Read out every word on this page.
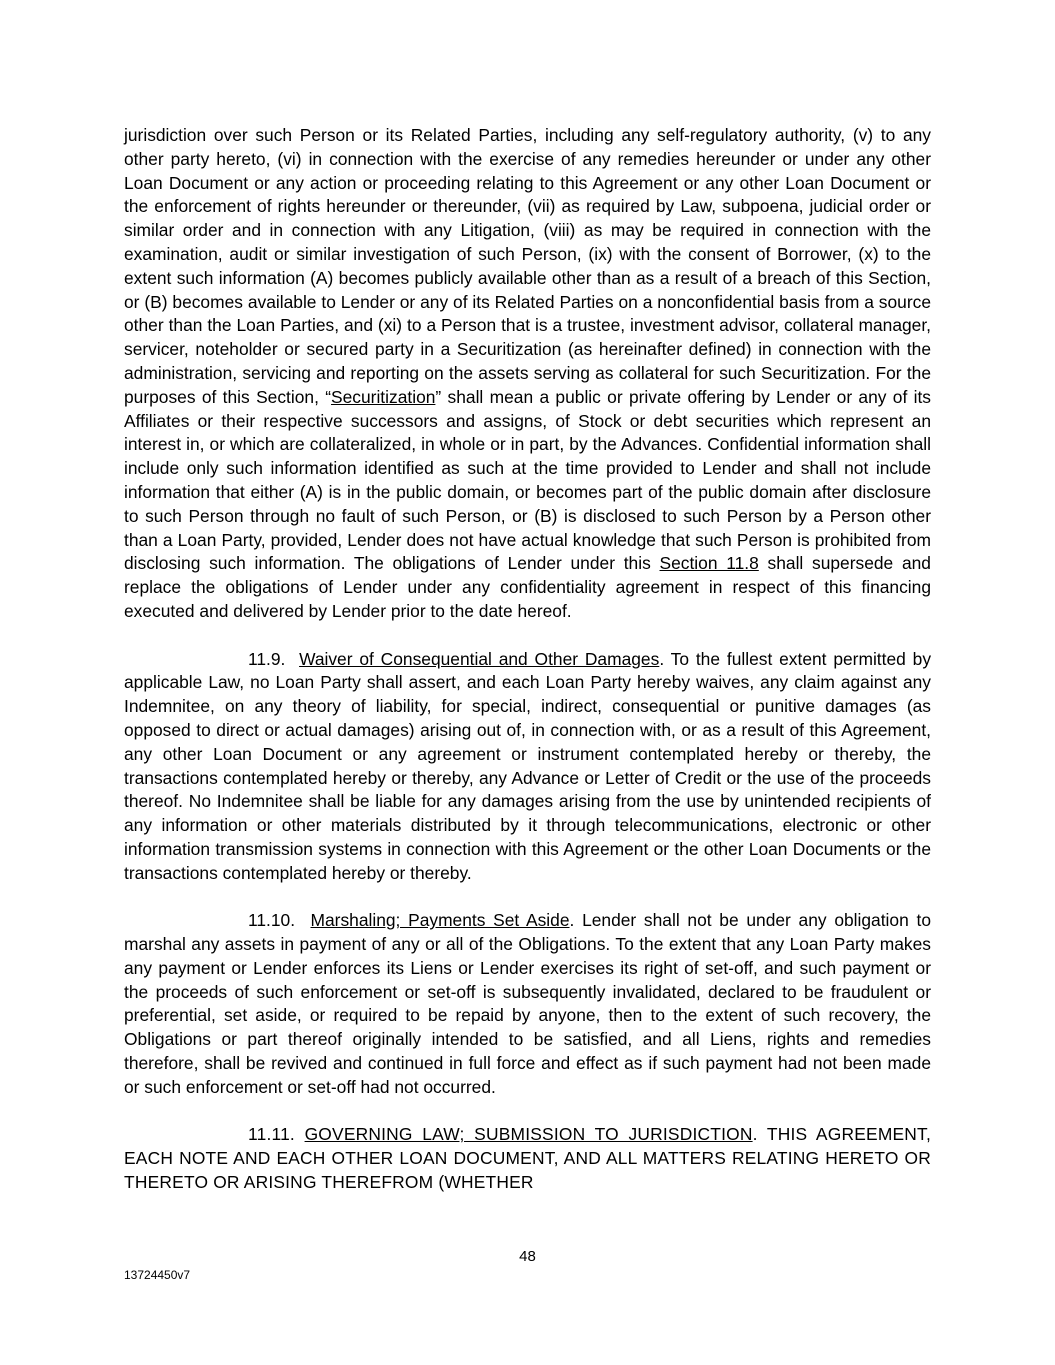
jurisdiction over such Person or its Related Parties, including any self-regulatory authority, (v) to any other party hereto, (vi) in connection with the exercise of any remedies hereunder or under any other Loan Document or any action or proceeding relating to this Agreement or any other Loan Document or the enforcement of rights hereunder or thereunder, (vii) as required by Law, subpoena, judicial order or similar order and in connection with any Litigation, (viii) as may be required in connection with the examination, audit or similar investigation of such Person, (ix) with the consent of Borrower, (x) to the extent such information (A) becomes publicly available other than as a result of a breach of this Section, or (B) becomes available to Lender or any of its Related Parties on a nonconfidential basis from a source other than the Loan Parties, and (xi) to a Person that is a trustee, investment advisor, collateral manager, servicer, noteholder or secured party in a Securitization (as hereinafter defined) in connection with the administration, servicing and reporting on the assets serving as collateral for such Securitization. For the purposes of this Section, “Securitization” shall mean a public or private offering by Lender or any of its Affiliates or their respective successors and assigns, of Stock or debt securities which represent an interest in, or which are collateralized, in whole or in part, by the Advances. Confidential information shall include only such information identified as such at the time provided to Lender and shall not include information that either (A) is in the public domain, or becomes part of the public domain after disclosure to such Person through no fault of such Person, or (B) is disclosed to such Person by a Person other than a Loan Party, provided, Lender does not have actual knowledge that such Person is prohibited from disclosing such information. The obligations of Lender under this Section 11.8 shall supersede and replace the obligations of Lender under any confidentiality agreement in respect of this financing executed and delivered by Lender prior to the date hereof.

11.9. Waiver of Consequential and Other Damages. To the fullest extent permitted by applicable Law, no Loan Party shall assert, and each Loan Party hereby waives, any claim against any Indemnitee, on any theory of liability, for special, indirect, consequential or punitive damages (as opposed to direct or actual damages) arising out of, in connection with, or as a result of this Agreement, any other Loan Document or any agreement or instrument contemplated hereby or thereby, the transactions contemplated hereby or thereby, any Advance or Letter of Credit or the use of the proceeds thereof. No Indemnitee shall be liable for any damages arising from the use by unintended recipients of any information or other materials distributed by it through telecommunications, electronic or other information transmission systems in connection with this Agreement or the other Loan Documents or the transactions contemplated hereby or thereby.

11.10. Marshaling; Payments Set Aside. Lender shall not be under any obligation to marshal any assets in payment of any or all of the Obligations. To the extent that any Loan Party makes any payment or Lender enforces its Liens or Lender exercises its right of set-off, and such payment or the proceeds of such enforcement or set-off is subsequently invalidated, declared to be fraudulent or preferential, set aside, or required to be repaid by anyone, then to the extent of such recovery, the Obligations or part thereof originally intended to be satisfied, and all Liens, rights and remedies therefore, shall be revived and continued in full force and effect as if such payment had not been made or such enforcement or set-off had not occurred.

11.11. GOVERNING LAW; SUBMISSION TO JURISDICTION. THIS AGREEMENT, EACH NOTE AND EACH OTHER LOAN DOCUMENT, AND ALL MATTERS RELATING HERETO OR THERETO OR ARISING THEREFROM (WHETHER

48
13724450v7
